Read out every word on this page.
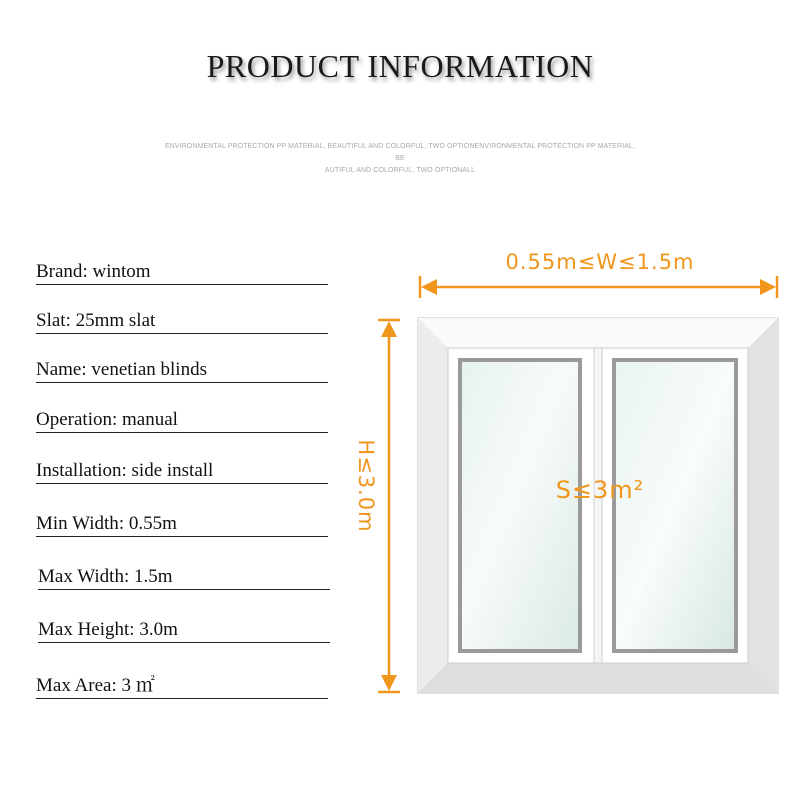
PRODUCT INFORMATION
ENVIRONMENTAL PROTECTION PP MATERIAL, BEAUTIFUL AND COLORFUL, TWO OPTIONENVIRONMENTAL PROTECTION PP MATERIAL, BE
AUTIFUL AND COLORFUL, TWO OPTIONALL
Brand: wintom
Slat: 25mm slat
Name: venetian blinds
Operation: manual
Installation: side install
Min Width: 0.55m
Max Width: 1.5m
Max Height: 3.0m
Max Area: 3 ㎡
0.55m≤W≤1.5m
H≤3.0m	S≤3m²
